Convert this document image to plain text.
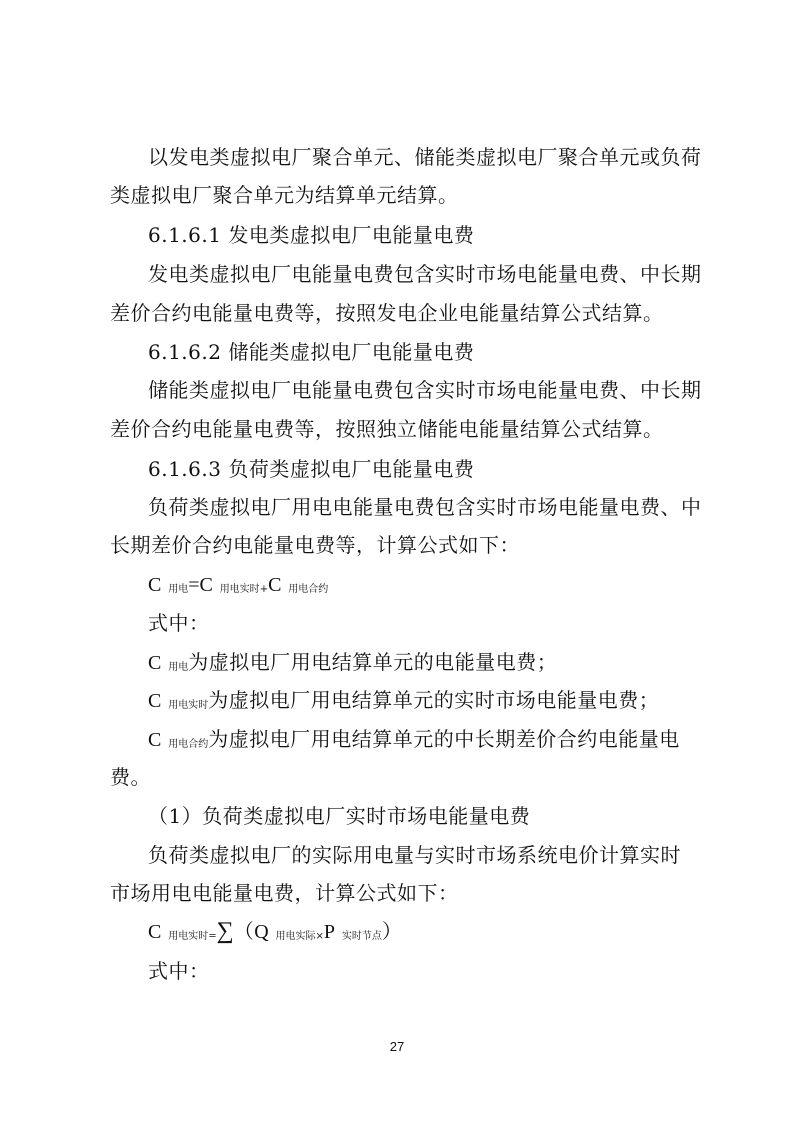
以发电类虚拟电厂聚合单元、储能类虚拟电厂聚合单元或负荷
类虚拟电厂聚合单元为结算单元结算。
6.1.6.1 发电类虚拟电厂电能量电费
发电类虚拟电厂电能量电费包含实时市场电能量电费、中长期
差价合约电能量电费等，按照发电企业电能量结算公式结算。
6.1.6.2 储能类虚拟电厂电能量电费
储能类虚拟电厂电能量电费包含实时市场电能量电费、中长期
差价合约电能量电费等，按照独立储能电能量结算公式结算。
6.1.6.3 负荷类虚拟电厂电能量电费
负荷类虚拟电厂用电电能量电费包含实时市场电能量电费、中
长期差价合约电能量电费等，计算公式如下：
C 用电=C 用电实时+C 用电合约
式中：
C 用电为虚拟电厂用电结算单元的电能量电费；
C 用电实时为虚拟电厂用电结算单元的实时市场电能量电费；
C 用电合约为虚拟电厂用电结算单元的中长期差价合约电能量电
费。
（1）负荷类虚拟电厂实时市场电能量电费
负荷类虚拟电厂的实际用电量与实时市场系统电价计算实时
市场用电电能量电费，计算公式如下：
C 用电实时=∑（Q 用电实际×P 实时节点）
式中：
27
